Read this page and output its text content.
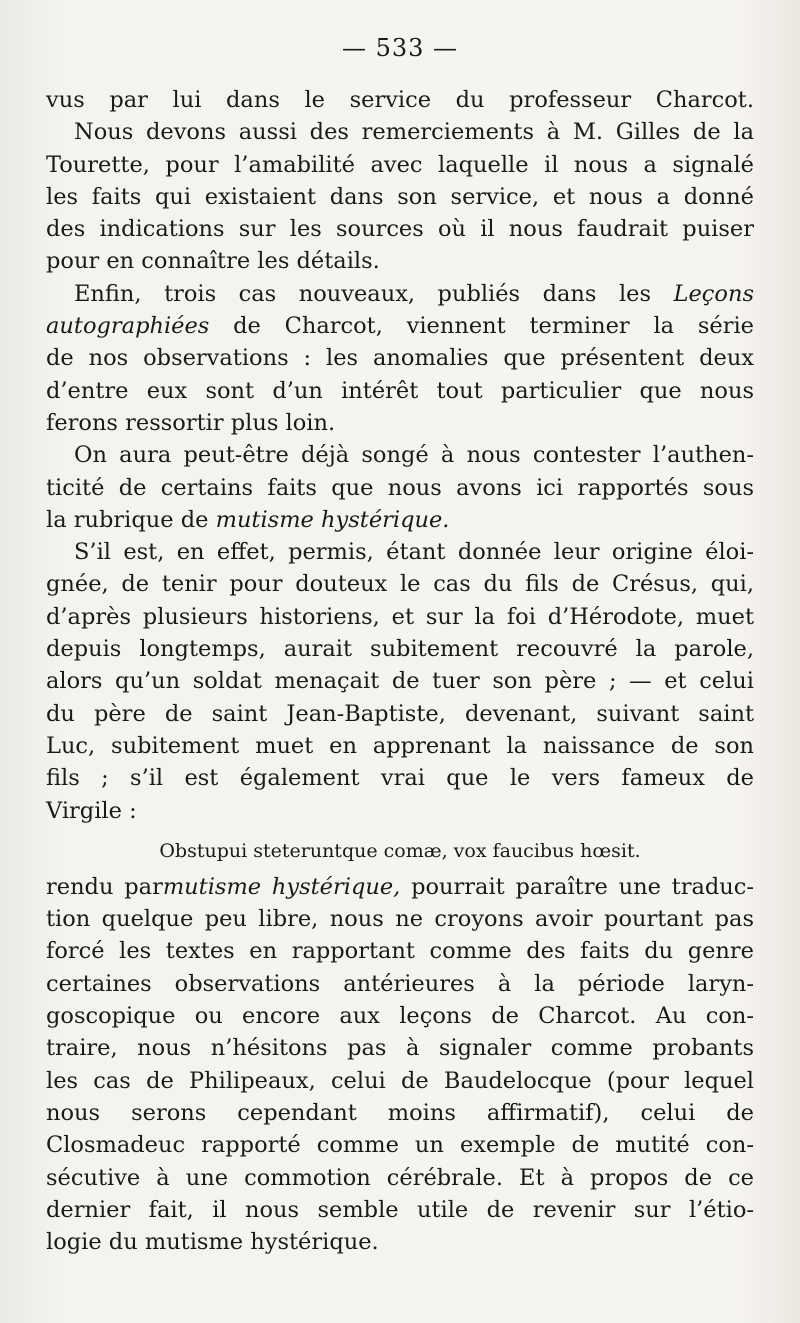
— 533 —
vus par lui dans le service du professeur Charcot.
Nous devons aussi des remerciements à M. Gilles de la
Tourette, pour l’amabilité avec laquelle il nous a signalé
les faits qui existaient dans son service, et nous a donné
des indications sur les sources où il nous faudrait puiser
pour en connaître les détails.
Enfin, trois cas nouveaux, publiés dans les Leçons
autographiées de Charcot, viennent terminer la série
de nos observations : les anomalies que présentent deux
d’entre eux sont d’un intérêt tout particulier que nous
ferons ressortir plus loin.
On aura peut-être déjà songé à nous contester l’authen-
ticité de certains faits que nous avons ici rapportés sous
la rubrique de mutisme hystérique.
S’il est, en effet, permis, étant donnée leur origine éloi-
gnée, de tenir pour douteux le cas du fils de Crésus, qui,
d’après plusieurs historiens, et sur la foi d’Hérodote, muet
depuis longtemps, aurait subitement recouvré la parole,
alors qu’un soldat menaçait de tuer son père ; — et celui
du père de saint Jean-Baptiste, devenant, suivant saint
Luc, subitement muet en apprenant la naissance de son
fils ; s’il est également vrai que le vers fameux de
Virgile :
Obstupui steteruntque comæ, vox faucibus hœsit.
rendu parmutisme hystérique, pourrait paraître une traduc-
tion quelque peu libre, nous ne croyons avoir pourtant pas
forcé les textes en rapportant comme des faits du genre
certaines observations antérieures à la période laryn-
goscopique ou encore aux leçons de Charcot. Au con-
traire, nous n’hésitons pas à signaler comme probants
les cas de Philipeaux, celui de Baudelocque (pour lequel
nous serons cependant moins affirmatif), celui de
Closmadeuc rapporté comme un exemple de mutité con-
sécutive à une commotion cérébrale. Et à propos de ce
dernier fait, il nous semble utile de revenir sur l’étio-
logie du mutisme hystérique.
